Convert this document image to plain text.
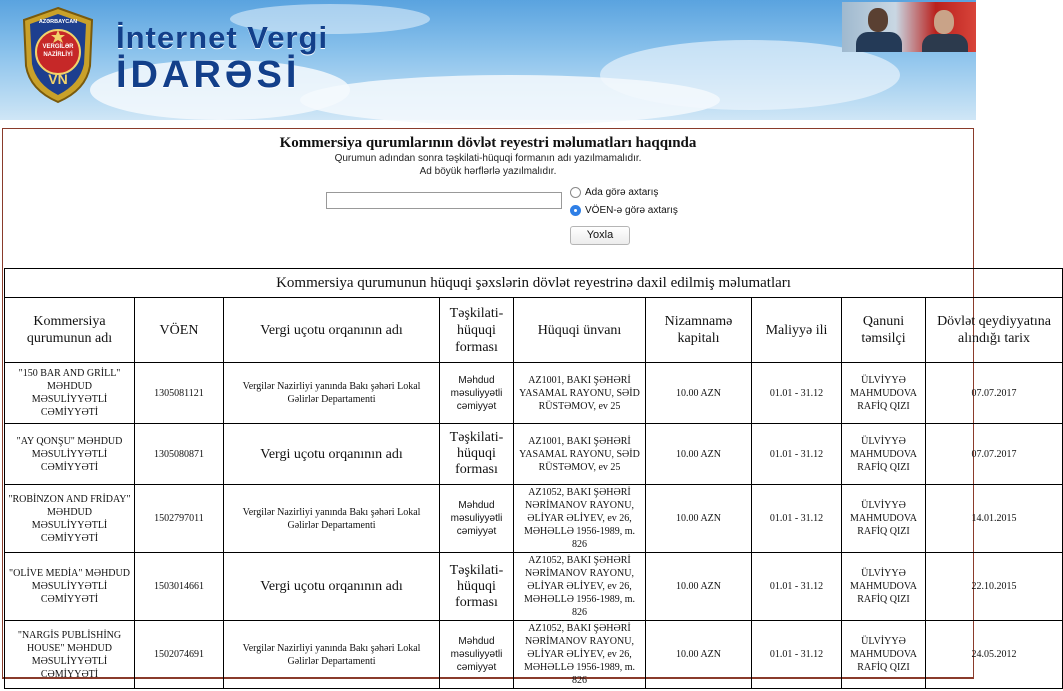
AZƏRBAYCAN
VERGİLƏR
NAZİRLİYİ
VN
İnternet Vergi
İDARƏSİ
Kommersiya qurumlarının dövlət reyestri məlumatları haqqında
Qurumun adından sonra təşkilati-hüquqi formanın adı yazılmamalıdır.
Ad böyük hərflərlə yazılmalıdır.
Ada görə axtarış
VÖEN-ə görə axtarış
Yoxla
Kommersiya qurumunun hüquqi şəxslərin dövlət reyestrinə daxil edilmiş məlumatları								
Kommersiya qurumunun adı	VÖEN	Vergi uçotu orqanının adı	Təşkilati-hüquqi forması	Hüquqi ünvanı	Nizamnamə kapitalı	Maliyyə ili	Qanuni təmsilçi	Dövlət qeydiyyatına alındığı tarix
"150 BAR AND GRİLL" MƏHDUD MƏSULİYYƏTLİ CƏMİYYƏTİ	1305081121	Vergilər Nazirliyi yanında Bakı şəhəri Lokal Gəlirlər Departamenti	Məhdud məsuliyyətli cəmiyyət	AZ1001, BAKI ŞƏHƏRİ YASAMAL RAYONU, SƏİD RÜSTƏMOV, ev 25	10.00 AZN	01.01 - 31.12	ÜLVİYYƏ MAHMUDOVA RAFİQ QIZI	07.07.2017
"AY QONŞU" MƏHDUD MƏSULİYYƏTLİ CƏMİYYƏTİ	1305080871	Vergi uçotu orqanının adı	Təşkilati-hüquqi forması	AZ1001, BAKI ŞƏHƏRİ YASAMAL RAYONU, SƏİD RÜSTƏMOV, ev 25	10.00 AZN	01.01 - 31.12	ÜLVİYYƏ MAHMUDOVA RAFİQ QIZI	07.07.2017
"ROBİNZON AND FRİDAY" MƏHDUD MƏSULİYYƏTLİ CƏMİYYƏTİ	1502797011	Vergilər Nazirliyi yanında Bakı şəhəri Lokal Gəlirlər Departamenti	Məhdud məsuliyyətli cəmiyyət	AZ1052, BAKI ŞƏHƏRİ NƏRİMANOV RAYONU, ƏLİYAR ƏLİYEV, ev 26, MƏHƏLLƏ 1956-1989, m. 826	10.00 AZN	01.01 - 31.12	ÜLVİYYƏ MAHMUDOVA RAFİQ QIZI	14.01.2015
"OLİVE MEDİA" MƏHDUD MƏSULİYYƏTLİ CƏMİYYƏTİ	1503014661	Vergi uçotu orqanının adı	Təşkilati-hüquqi forması	AZ1052, BAKI ŞƏHƏRİ NƏRİMANOV RAYONU, ƏLİYAR ƏLİYEV, ev 26, MƏHƏLLƏ 1956-1989, m. 826	10.00 AZN	01.01 - 31.12	ÜLVİYYƏ MAHMUDOVA RAFİQ QIZI	22.10.2015
"NARGİS PUBLİSHİNG HOUSE" MƏHDUD MƏSULİYYƏTLİ CƏMİYYƏTİ	1502074691	Vergilər Nazirliyi yanında Bakı şəhəri Lokal Gəlirlər Departamenti	Məhdud məsuliyyətli cəmiyyət	AZ1052, BAKI ŞƏHƏRİ NƏRİMANOV RAYONU, ƏLİYAR ƏLİYEV, ev 26, MƏHƏLLƏ 1956-1989, m. 826	10.00 AZN	01.01 - 31.12	ÜLVİYYƏ MAHMUDOVA RAFİQ QIZI	24.05.2012
